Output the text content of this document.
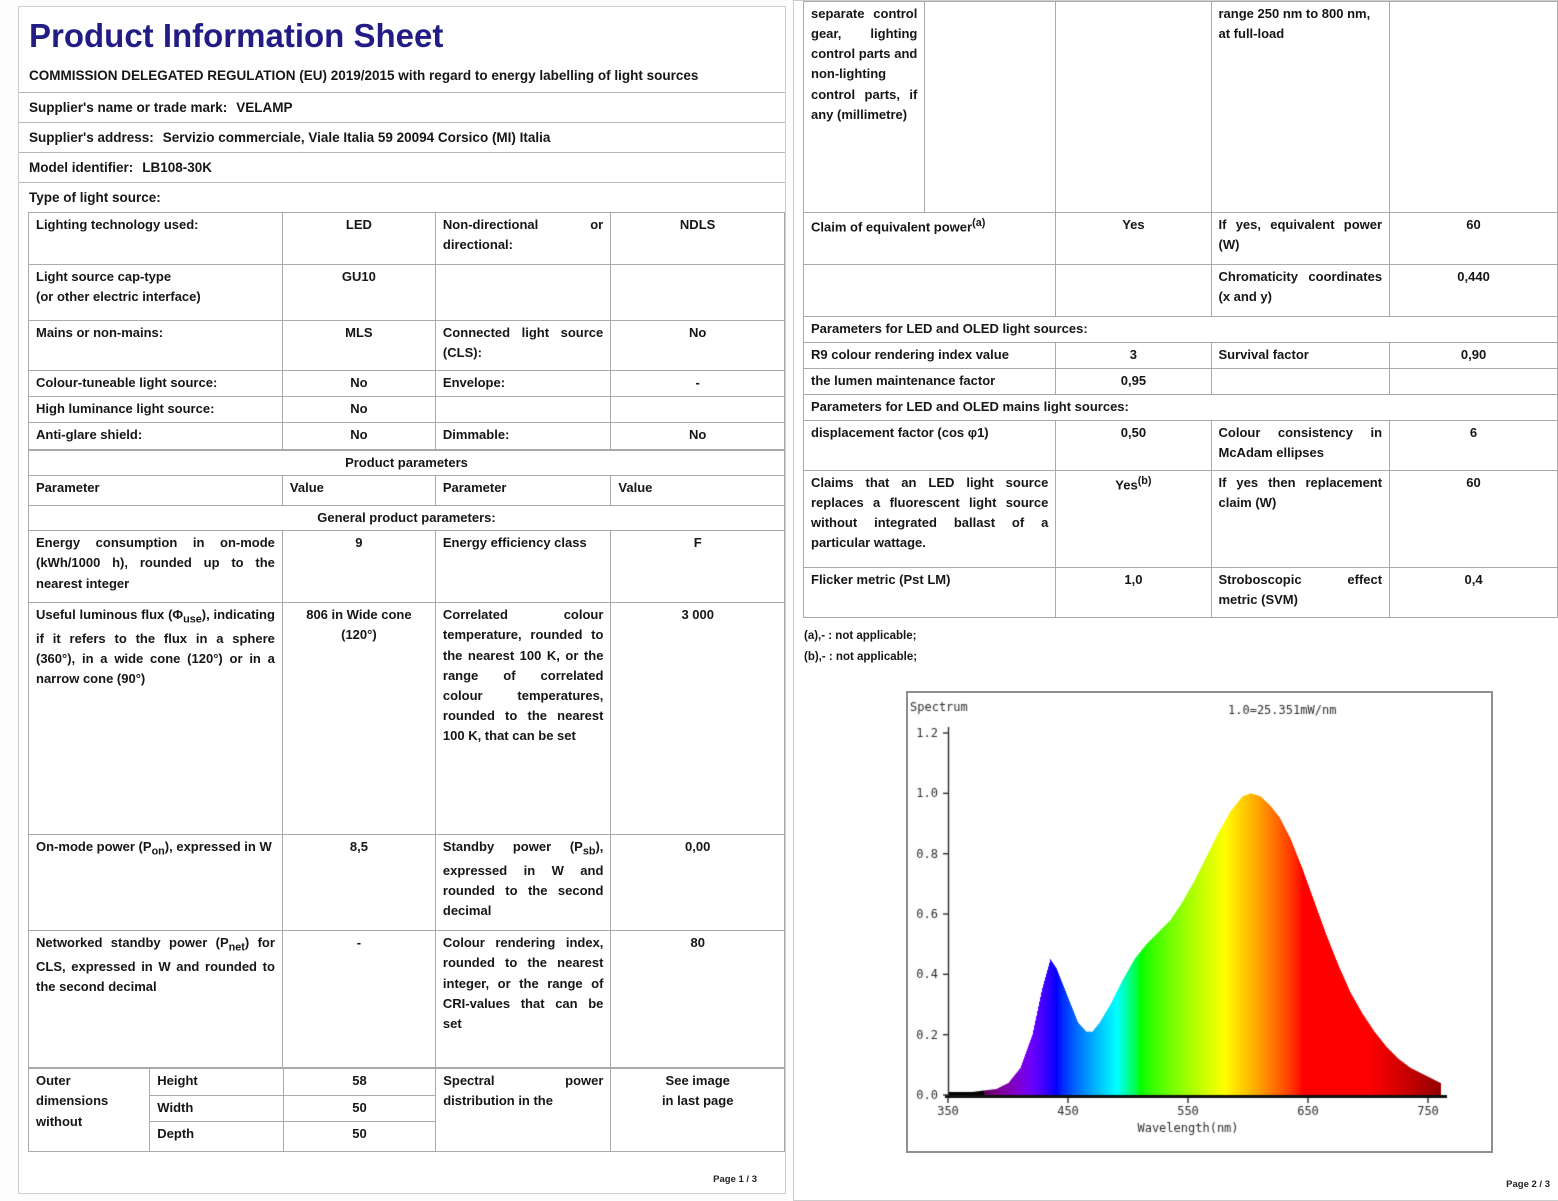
Product Information Sheet
COMMISSION DELEGATED REGULATION (EU) 2019/2015 with regard to energy labelling of light sources
Supplier's name or trade mark: VELAMP
Supplier's address: Servizio commerciale, Viale Italia 59 20094 Corsico (MI) Italia
Model identifier: LB108-30K
Type of light source:
Lighting technology used:	LED	Non-directional or directional:	NDLS
Light source cap-type
(or other electric interface)	GU10		
Mains or non-mains:	MLS	Connected light source (CLS):	No
Colour-tuneable light source:	No	Envelope:	-
High luminance light source:	No		
Anti-glare shield:	No	Dimmable:	No
Product parameters			
Parameter	Value	Parameter	Value
General product parameters:			
Energy consumption in on-mode (kWh/1000 h), rounded up to the nearest integer	9	Energy efficiency class	F
Useful luminous flux $(\Phi_{use})$, indicating if it refers to the flux in a sphere (360°), in a wide cone (120°) or in a narrow cone (90°)	806 in Wide cone (120°)	Correlated colour temperature, rounded to the nearest 100 K, or the range of correlated colour temperatures, rounded to the nearest 100 K, that can be set	3 000
On-mode power $(P_{on})$, expressed in W	8,5	Standby power $(P_{sb})$, expressed in W and rounded to the second decimal	0,00
Networked standby power $(P_{net})$ for CLS, expressed in W and rounded to the second decimal	-	Colour rendering index, rounded to the nearest integer, or the range of CRI-values that can be set	80
Outer dimensions without	Height	58	Spectral power distribution in the	See image
in last page
	Width	50		
	Depth	50		
Page 1 / 3
separate control gear, lighting control parts and non-lighting control parts, if any (millimetre)			range 250 nm to 800 nm, at full-load	
Claim of equivalent power$^{(a)}$		Yes	If yes, equivalent power (W)	60
			Chromaticity coordinates (x and y)	0,440
Parameters for LED and OLED light sources:				
R9 colour rendering index value		3	Survival factor	0,90
the lumen maintenance factor		0,95		
Parameters for LED and OLED mains light sources:				
displacement factor (cos φ1)		0,50	Colour consistency in McAdam ellipses	6
Claims that an LED light source replaces a fluorescent light source without integrated ballast of a particular wattage.		Yes$^{(b)}$	If yes then replacement claim (W)	60
Flicker metric (Pst LM)		1,0	Stroboscopic effect metric (SVM)	0,4
(a),- : not applicable;
(b),- : not applicable;
Page 2 / 3
